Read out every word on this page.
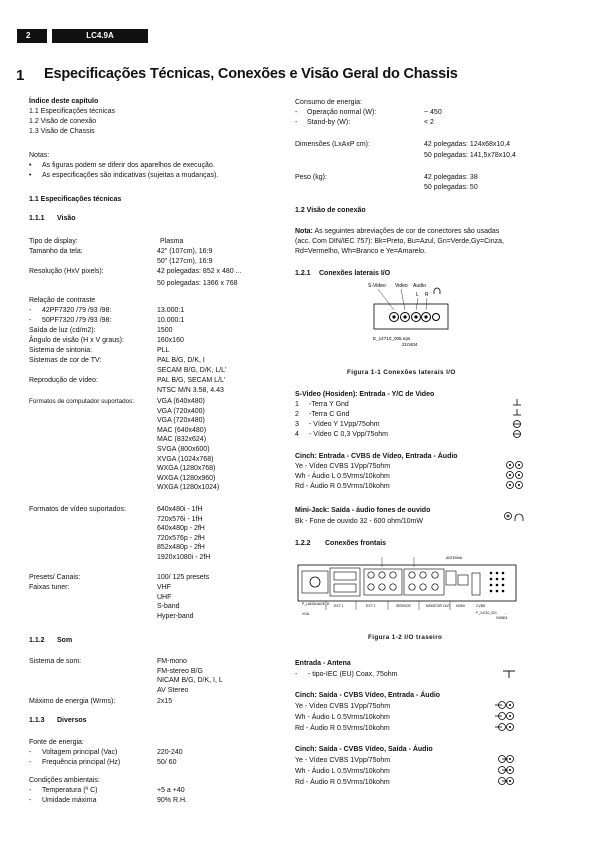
2	LC4.9A
1 Especificações Técnicas, Conexões e Visão Geral do Chassis
Índice deste capítulo
1.1 Especificações técnicas
1.2 Visão de conexão
1.3 Visão de Chassis
Notas:
• As figuras podem se diferir dos aparelhos de execução.
• As especificações são indicativas (sujeitas a mudanças).
1.1 Especificações técnicas
1.1.1 Visão
Tipo de display:	Plasma
Tamanho da tela:	42" (107cm), 16:9
50" (127cm), 16:9
Resolução (HxV pixels):	42 polegadas: 852 x 480 ...
50 polegadas: 1366 x 768
Relação de contraste
- 42PF7320 /79 /93 /98:	13.000:1
- 50PF7320 /79 /93 /98:	10.000:1
Saída de luz (cd/m2):	1500
Ângulo de visão (H x V graus):	160x160
Sistema de sintonia:	PLL
Sistemas de cor de TV:	PAL B/G, D/K, I
SECAM B/G, D/K, L/L'
Reprodução de vídeo:	PAL B/G, SECAM L/L'
NTSC M/N 3.58, 4.43
Formatos de computador suportados:	VGA (640x480)
VGA (720x400)
VGA (720x480)
MAC (640x480)
MAC (832x624)
SVGA (800x600)
XVGA (1024x768)
WXGA (1280x768)
WXGA (1280x960)
WXGA (1280x1024)
Formatos de vídeo suportados:	640x480i - 1fH
720x576i - 1fH
640x480p - 2fH
720x576p - 2fH
852x480p - 2fH
1920x1080i - 2fH
Presets/ Canais:	100/ 125 presets
Faixas tuner:	VHF
UHF
S-band
Hyper-band
1.1.2 Som
Sistema de som:	FM-mono
FM-stereo B/G
NICAM B/G, D/K, I, L
AV Stereo
Máximo de energia (Wrms):	2x15
1.1.3 Diversos
Fonte de energia:
- Voltagem principal (Vac)	220-240
- Frequência principal (Hz)	50/ 60
Condições ambientais:
- Temperatura (º C)	+5 a +40
- Umidade máxima	90% R.H.
Consumo de energia:
- Operação normal (W):	~ 450
- Stand-by (W):	< 2
Dimensões (LxAxP cm):	42 polegadas: 124x68x10,4
50 polegadas: 141,5x78x10,4
Peso (kg):	42 polegadas: 38
50 polegadas: 50
1.2 Visão de conexão
Nota: As seguintes abreviações de cor de conectores são usadas
(acc. Com DIN/IEC 757): Bk=Preto, Bu=Azul, Gn=Verde,Gy=Cinza,
Rd=Vermelho, Wh=Branco e Ye=Amarelo.
1.2.1 Conexões laterais I/O
S-Video Video Audio
L R
E_14710_005.eps
210404
Figura 1-1 Conexões laterais I/O
S-Video (Hosiden): Entrada - Y/C de Video
1 -Terra Y Gnd
2 -Terra C Gnd
3 - Vídeo Y 1Vpp/75ohm
4 - Vídeo C 0,3 Vpp/75ohm
Cinch: Entrada - CVBS de Vídeo, Entrada - Áudio
Ye - Vídeo CVBS 1Vpp/75ohm
Wh - Áudio L 0.5Vrms/10kohm
Rd - Áudio R 0.5Vrms/10kohm
Mini-Jack: Saída - áudio fones de ouvido
Bk - Fone de ouvido 32 - 600 ohm/10mW
1.2.2 Conexões frontais
P_LANGUAGE_H EXT 1	EXT 2	SERVICE	MONITOR OUT HDMI	CVBS
VGA
ANTENNA
F_14710_021 ...
040504
Figura 1-2 I/O traseiro
Entrada - Antena
- - tipo-IEC (EU) Coax, 75ohm
Cinch: Saída - CVBS Vídeo, Entrada - Áudio
Ye - Vídeo CVBS 1Vpp/75ohm
Wh - Áudio L 0.5Vrms/10kohm
Rd - Áudio R 0.5Vrms/10kohm
Cinch: Saída - CVBS Vídeo, Saída - Áudio
Ye - Vídeo CVBS 1Vpp/75ohm
Wh - Áudio L 0.5Vrms/10kohm
Rd - Áudio R 0.5Vrms/10kohm
